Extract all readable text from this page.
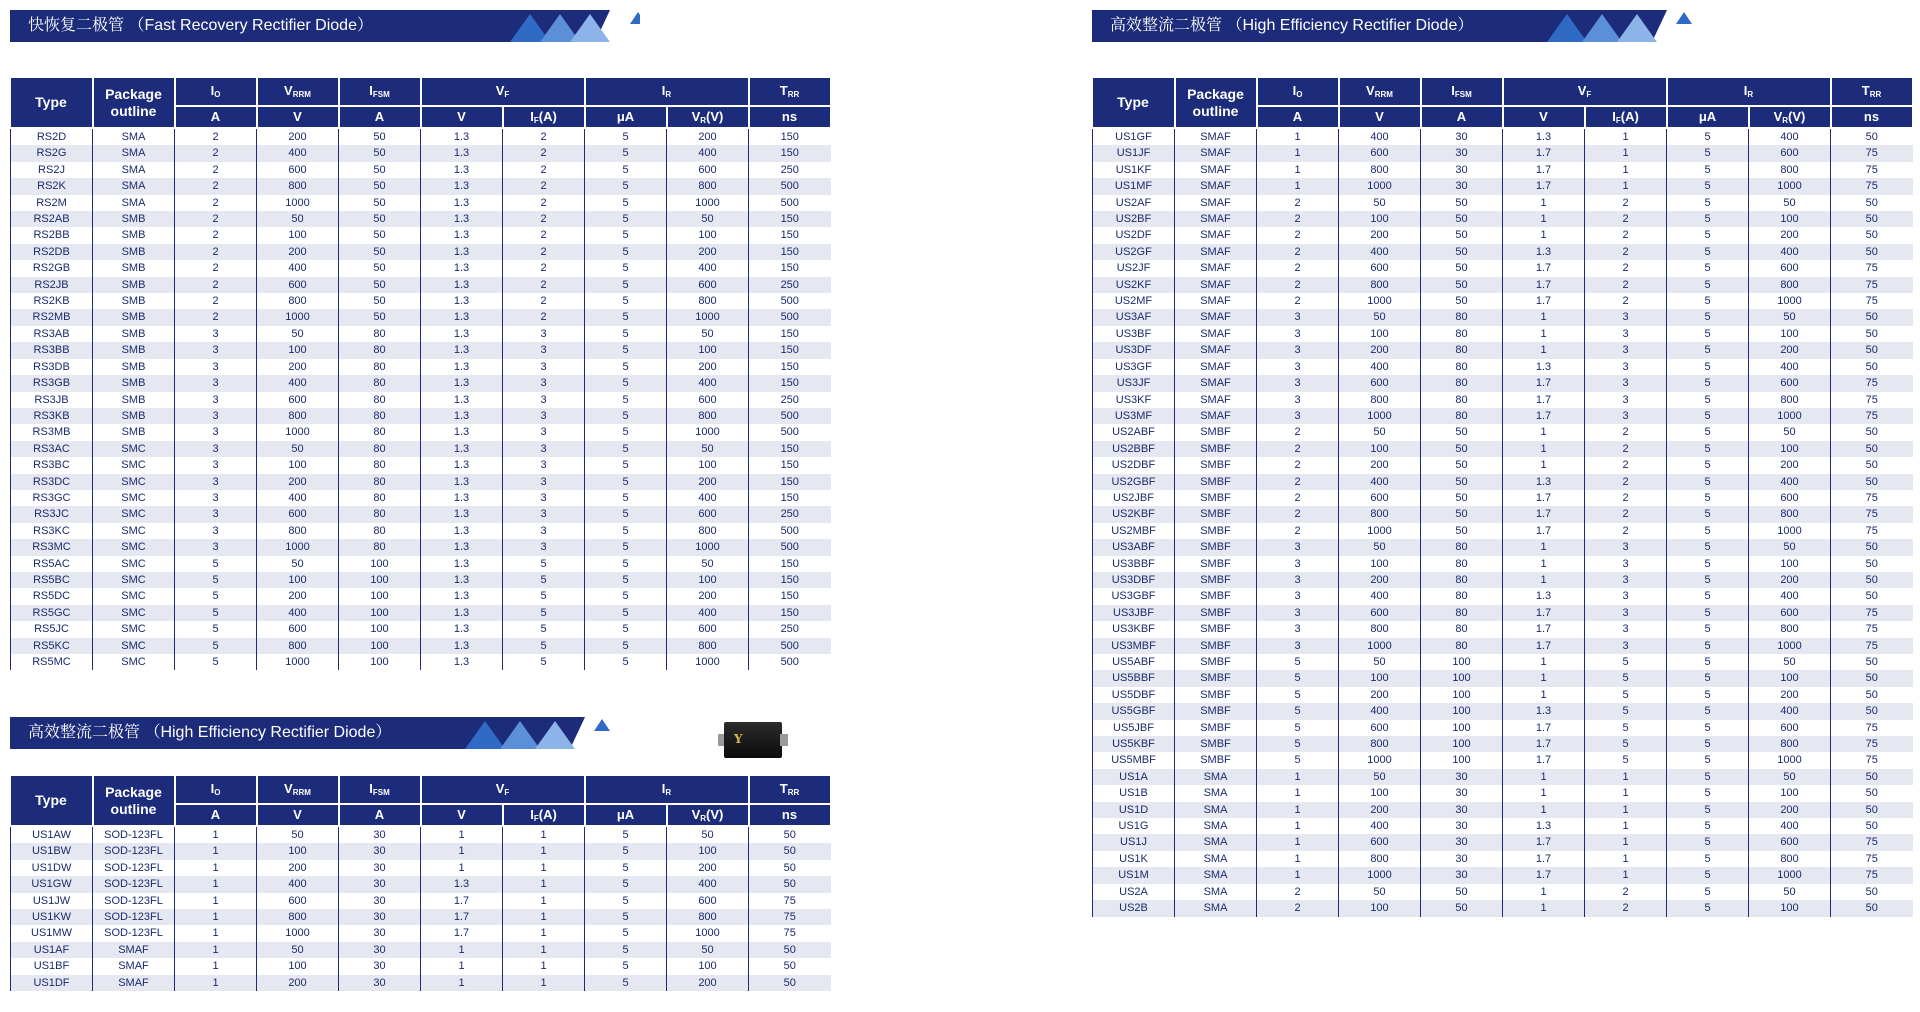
快恢复二极管 （Fast Recovery Rectifier Diode）
高效整流二极管 （High Efficiency Rectifier Diode）
高效整流二极管 （High Efficiency Rectifier Diode）
Y
Type	Package outline	$I_O$	$V_{RRM}$	$I_{FSM}$	$V_F$		$I_R$		$T_{RR}$
		A	V	A	V	$I_F(A)$	μA	$V_R(V)$	ns
RS2D	SMA	2	200	50	1.3	2	5	200	150
RS2G	SMA	2	400	50	1.3	2	5	400	150
RS2J	SMA	2	600	50	1.3	2	5	600	250
RS2K	SMA	2	800	50	1.3	2	5	800	500
RS2M	SMA	2	1000	50	1.3	2	5	1000	500
RS2AB	SMB	2	50	50	1.3	2	5	50	150
RS2BB	SMB	2	100	50	1.3	2	5	100	150
RS2DB	SMB	2	200	50	1.3	2	5	200	150
RS2GB	SMB	2	400	50	1.3	2	5	400	150
RS2JB	SMB	2	600	50	1.3	2	5	600	250
RS2KB	SMB	2	800	50	1.3	2	5	800	500
RS2MB	SMB	2	1000	50	1.3	2	5	1000	500
RS3AB	SMB	3	50	80	1.3	3	5	50	150
RS3BB	SMB	3	100	80	1.3	3	5	100	150
RS3DB	SMB	3	200	80	1.3	3	5	200	150
RS3GB	SMB	3	400	80	1.3	3	5	400	150
RS3JB	SMB	3	600	80	1.3	3	5	600	250
RS3KB	SMB	3	800	80	1.3	3	5	800	500
RS3MB	SMB	3	1000	80	1.3	3	5	1000	500
RS3AC	SMC	3	50	80	1.3	3	5	50	150
RS3BC	SMC	3	100	80	1.3	3	5	100	150
RS3DC	SMC	3	200	80	1.3	3	5	200	150
RS3GC	SMC	3	400	80	1.3	3	5	400	150
RS3JC	SMC	3	600	80	1.3	3	5	600	250
RS3KC	SMC	3	800	80	1.3	3	5	800	500
RS3MC	SMC	3	1000	80	1.3	3	5	1000	500
RS5AC	SMC	5	50	100	1.3	5	5	50	150
RS5BC	SMC	5	100	100	1.3	5	5	100	150
RS5DC	SMC	5	200	100	1.3	5	5	200	150
RS5GC	SMC	5	400	100	1.3	5	5	400	150
RS5JC	SMC	5	600	100	1.3	5	5	600	250
RS5KC	SMC	5	800	100	1.3	5	5	800	500
RS5MC	SMC	5	1000	100	1.3	5	5	1000	500
Type	Package outline	$I_O$	$V_{RRM}$	$I_{FSM}$	$V_F$		$I_R$		$T_{RR}$
		A	V	A	V	$I_F(A)$	μA	$V_R(V)$	ns
US1AW	SOD-123FL	1	50	30	1	1	5	50	50
US1BW	SOD-123FL	1	100	30	1	1	5	100	50
US1DW	SOD-123FL	1	200	30	1	1	5	200	50
US1GW	SOD-123FL	1	400	30	1.3	1	5	400	50
US1JW	SOD-123FL	1	600	30	1.7	1	5	600	75
US1KW	SOD-123FL	1	800	30	1.7	1	5	800	75
US1MW	SOD-123FL	1	1000	30	1.7	1	5	1000	75
US1AF	SMAF	1	50	30	1	1	5	50	50
US1BF	SMAF	1	100	30	1	1	5	100	50
US1DF	SMAF	1	200	30	1	1	5	200	50
Type	Package outline	$I_O$	$V_{RRM}$	$I_{FSM}$	$V_F$		$I_R$		$T_{RR}$
		A	V	A	V	$I_F(A)$	μA	$V_R(V)$	ns
US1GF	SMAF	1	400	30	1.3	1	5	400	50
US1JF	SMAF	1	600	30	1.7	1	5	600	75
US1KF	SMAF	1	800	30	1.7	1	5	800	75
US1MF	SMAF	1	1000	30	1.7	1	5	1000	75
US2AF	SMAF	2	50	50	1	2	5	50	50
US2BF	SMAF	2	100	50	1	2	5	100	50
US2DF	SMAF	2	200	50	1	2	5	200	50
US2GF	SMAF	2	400	50	1.3	2	5	400	50
US2JF	SMAF	2	600	50	1.7	2	5	600	75
US2KF	SMAF	2	800	50	1.7	2	5	800	75
US2MF	SMAF	2	1000	50	1.7	2	5	1000	75
US3AF	SMAF	3	50	80	1	3	5	50	50
US3BF	SMAF	3	100	80	1	3	5	100	50
US3DF	SMAF	3	200	80	1	3	5	200	50
US3GF	SMAF	3	400	80	1.3	3	5	400	50
US3JF	SMAF	3	600	80	1.7	3	5	600	75
US3KF	SMAF	3	800	80	1.7	3	5	800	75
US3MF	SMAF	3	1000	80	1.7	3	5	1000	75
US2ABF	SMBF	2	50	50	1	2	5	50	50
US2BBF	SMBF	2	100	50	1	2	5	100	50
US2DBF	SMBF	2	200	50	1	2	5	200	50
US2GBF	SMBF	2	400	50	1.3	2	5	400	50
US2JBF	SMBF	2	600	50	1.7	2	5	600	75
US2KBF	SMBF	2	800	50	1.7	2	5	800	75
US2MBF	SMBF	2	1000	50	1.7	2	5	1000	75
US3ABF	SMBF	3	50	80	1	3	5	50	50
US3BBF	SMBF	3	100	80	1	3	5	100	50
US3DBF	SMBF	3	200	80	1	3	5	200	50
US3GBF	SMBF	3	400	80	1.3	3	5	400	50
US3JBF	SMBF	3	600	80	1.7	3	5	600	75
US3KBF	SMBF	3	800	80	1.7	3	5	800	75
US3MBF	SMBF	3	1000	80	1.7	3	5	1000	75
US5ABF	SMBF	5	50	100	1	5	5	50	50
US5BBF	SMBF	5	100	100	1	5	5	100	50
US5DBF	SMBF	5	200	100	1	5	5	200	50
US5GBF	SMBF	5	400	100	1.3	5	5	400	50
US5JBF	SMBF	5	600	100	1.7	5	5	600	75
US5KBF	SMBF	5	800	100	1.7	5	5	800	75
US5MBF	SMBF	5	1000	100	1.7	5	5	1000	75
US1A	SMA	1	50	30	1	1	5	50	50
US1B	SMA	1	100	30	1	1	5	100	50
US1D	SMA	1	200	30	1	1	5	200	50
US1G	SMA	1	400	30	1.3	1	5	400	50
US1J	SMA	1	600	30	1.7	1	5	600	75
US1K	SMA	1	800	30	1.7	1	5	800	75
US1M	SMA	1	1000	30	1.7	1	5	1000	75
US2A	SMA	2	50	50	1	2	5	50	50
US2B	SMA	2	100	50	1	2	5	100	50
